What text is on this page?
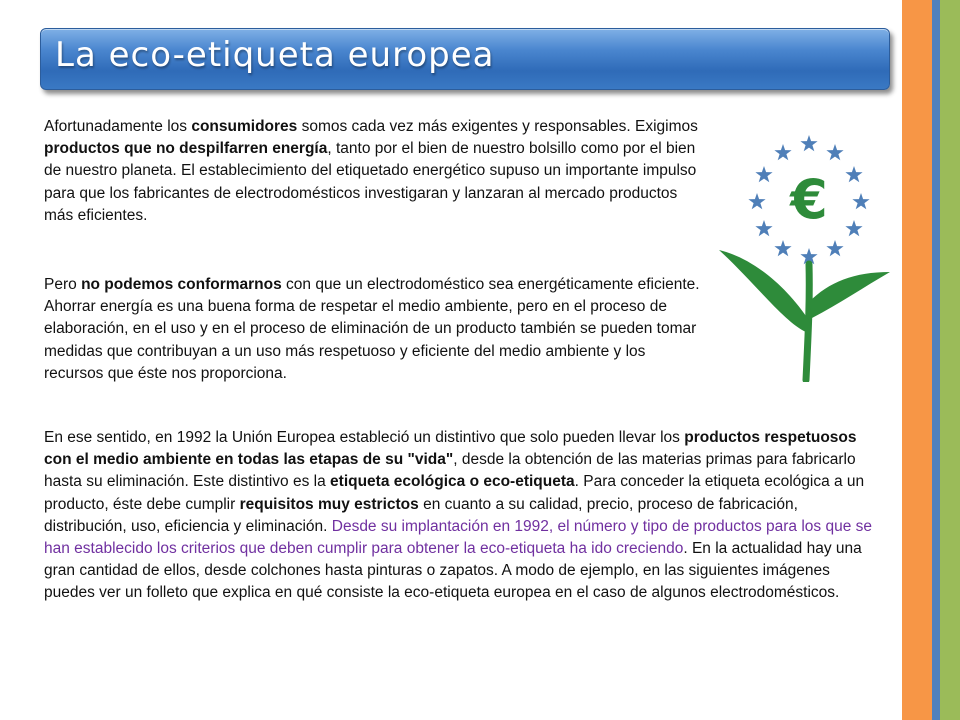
La eco-etiqueta europea

Afortunadamente los consumidores somos cada vez más exigentes y responsables. Exigimos productos que no despilfarren energía, tanto por el bien de nuestro bolsillo como por el bien de nuestro planeta. El establecimiento del etiquetado energético supuso un importante impulso para que los fabricantes de electrodomésticos investigaran y lanzaran al mercado productos más eficientes.

Pero no podemos conformarnos con que un electrodoméstico sea energéticamente eficiente. Ahorrar energía es una buena forma de respetar el medio ambiente, pero en el proceso de elaboración, en el uso y en el proceso de eliminación de un producto también se pueden tomar medidas que contribuyan a un uso más respetuoso y eficiente del medio ambiente y los recursos que éste nos proporciona.

En ese sentido, en 1992 la Unión Europea estableció un distintivo que solo pueden llevar los productos respetuosos con el medio ambiente en todas las etapas de su "vida", desde la obtención de las materias primas para fabricarlo hasta su eliminación. Este distintivo es la etiqueta ecológica o eco-etiqueta. Para conceder la etiqueta ecológica a un producto, éste debe cumplir requisitos muy estrictos en cuanto a su calidad, precio, proceso de fabricación, distribución, uso, eficiencia y eliminación. Desde su implantación en 1992, el número y tipo de productos para los que se han establecido los criterios que deben cumplir para obtener la eco-etiqueta ha ido creciendo. En la actualidad hay una gran cantidad de ellos, desde colchones hasta pinturas o zapatos. A modo de ejemplo, en las siguientes imágenes puedes ver un folleto que explica en qué consiste la eco-etiqueta europea en el caso de algunos electrodomésticos.

€
